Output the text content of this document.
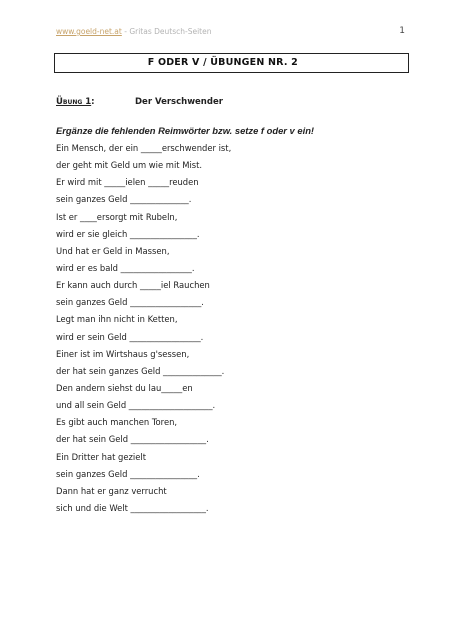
www.goeld-net.at - Gritas Deutsch-Seiten	1
F ODER V / ÜBUNGEN NR. 2
Übung 1:	Der Verschwender
Ergänze die fehlenden Reimwörter bzw. setze f oder v ein!
Ein Mensch, der ein _____erschwender ist,
der geht mit Geld um wie mit Mist.
Er wird mit _____ielen _____reuden
sein ganzes Geld ______________.
Ist er ____ersorgt mit Rubeln,
wird er sie gleich ________________.
Und hat er Geld in Massen,
wird er es bald _________________.
Er kann auch durch _____iel Rauchen
sein ganzes Geld _________________.
Legt man ihn nicht in Ketten,
wird er sein Geld _________________.
Einer ist im Wirtshaus g'sessen,
der hat sein ganzes Geld ______________.
Den andern siehst du lau_____en
und all sein Geld ____________________.
Es gibt auch manchen Toren,
der hat sein Geld __________________.
Ein Dritter hat gezielt
sein ganzes Geld ________________.
Dann hat er ganz verrucht
sich und die Welt __________________.
